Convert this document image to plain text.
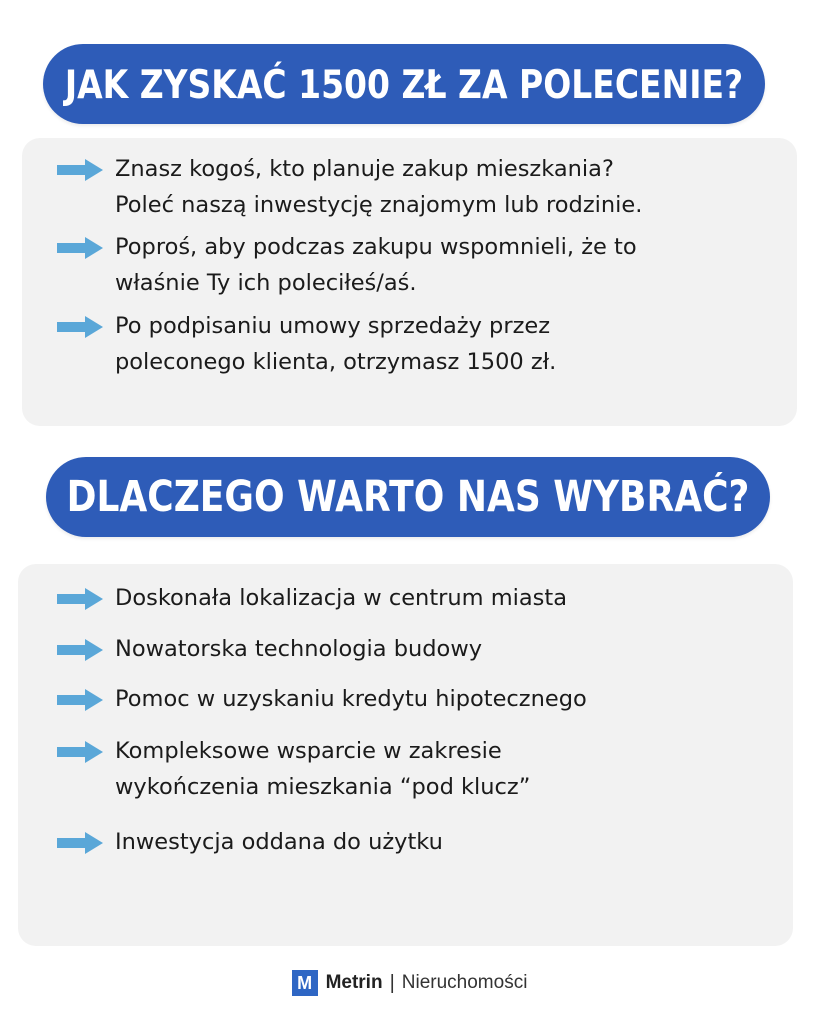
JAK ZYSKAĆ 1500 ZŁ ZA POLECENIE?
Znasz kogoś, kto planuje zakup mieszkania?
Poleć naszą inwestycję znajomym lub rodzinie.
Poproś, aby podczas zakupu wspomnieli, że to
właśnie Ty ich poleciłeś/aś.
Po podpisaniu umowy sprzedaży przez
poleconego klienta, otrzymasz 1500 zł.
DLACZEGO WARTO NAS WYBRAĆ?
Doskonała lokalizacja w centrum miasta
Nowatorska technologia budowy
Pomoc w uzyskaniu kredytu hipotecznego
Kompleksowe wsparcie w zakresie
wykończenia mieszkania “pod klucz”
Inwestycja oddana do użytku
M Metrin | Nieruchomości
